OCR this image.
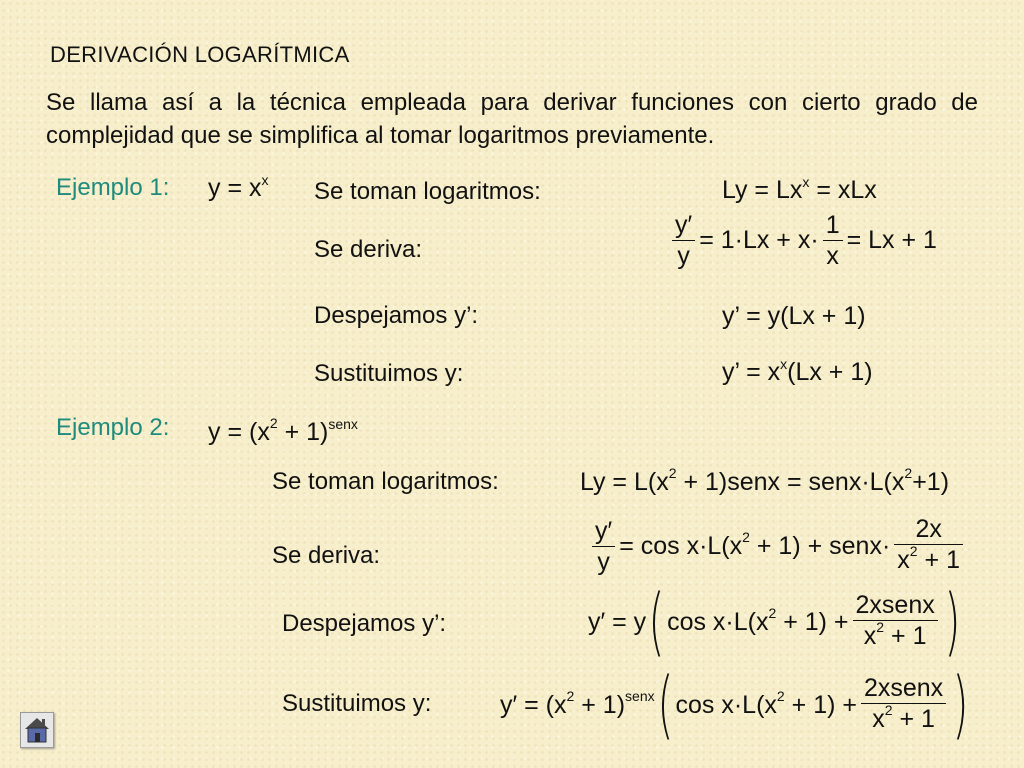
DERIVACIÓN LOGARÍTMICA
Se llama así a la técnica empleada para derivar funciones con cierto grado de complejidad que se simplifica al tomar logaritmos previamente.
Ejemplo 1: $y = x^x$ Se toman logaritmos:	$Ly = Lx^x$ = xLx
Se deriva:	$\frac{y'}{y} = 1\cdot Lx + x\cdot \frac{1}{x} = Lx + 1$
Despejamos y’:	y’ = y(Lx + 1)
Sustituimos y:	y’ = $x^x(Lx + 1)$
Ejemplo 2: $y = (x^2 + 1)^{senx}$
Se toman logaritmos:	$Ly = L(x^2$ + 1)senx = $senx\cdot L(x^2+1)$
Se deriva:	$\frac{y'}{y} = \cos x\cdot L(x^2 + 1)$ + senx· $\frac{2x}{x^2 + 1}$
Despejamos y’:	y′ = y ( $\cos x\cdot L(x^2 + 1) + \frac{\text{2xsenx}}{x^2 + 1}$ )
Sustituimos y:	$y' = (x^2 + 1)^{senx}$ ( $\cos x\cdot L(x^2 + 1) + \frac{\text{2xsenx}}{x^2 + 1}$ )
